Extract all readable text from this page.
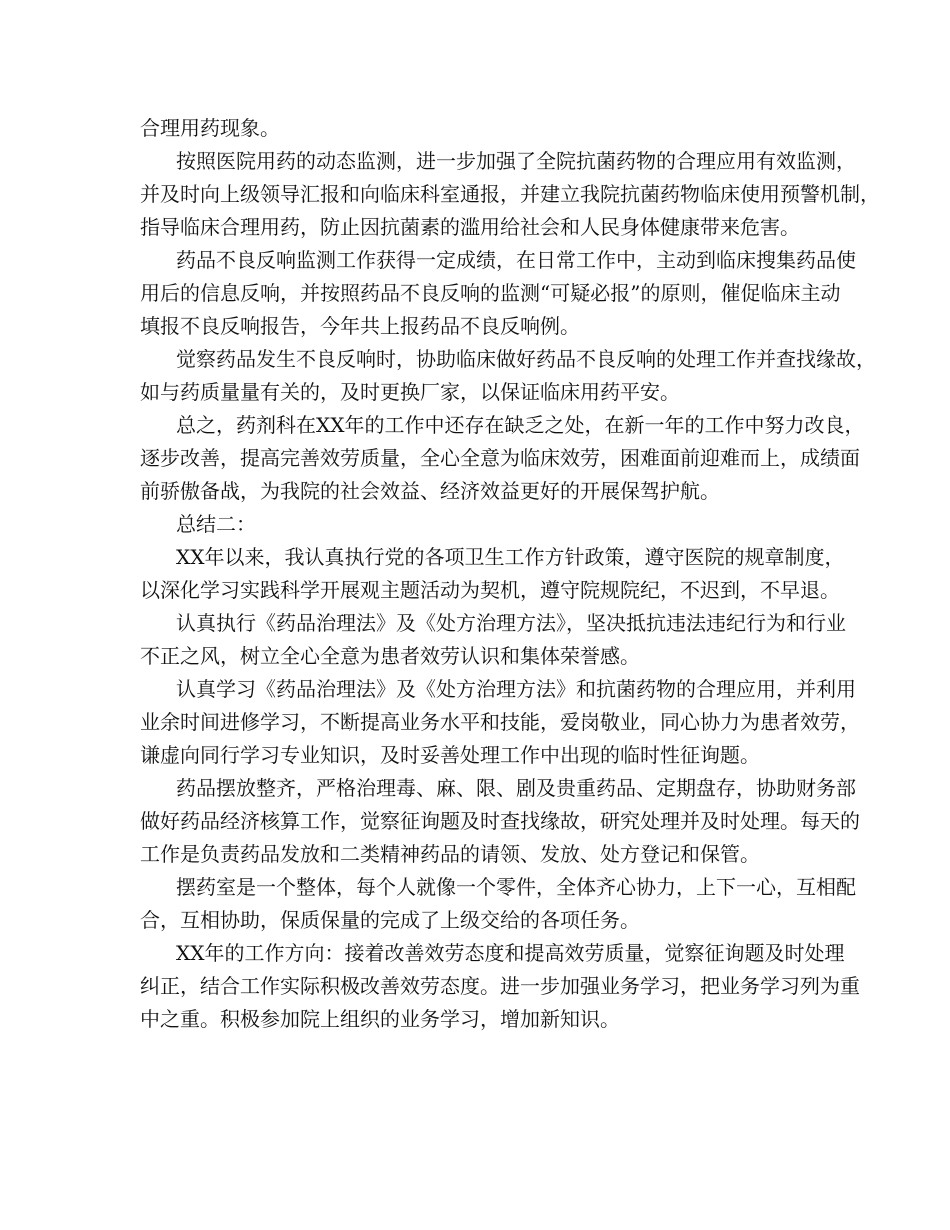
合理用药现象。
按照医院用药的动态监测，进一步加强了全院抗菌药物的合理应用有效监测，
并及时向上级领导汇报和向临床科室通报，并建立我院抗菌药物临床使用预警机制，
指导临床合理用药，防止因抗菌素的滥用给社会和人民身体健康带来危害。
药品不良反响监测工作获得一定成绩，在日常工作中，主动到临床搜集药品使
用后的信息反响，并按照药品不良反响的监测“可疑必报”的原则，催促临床主动
填报不良反响报告，今年共上报药品不良反响例。
觉察药品发生不良反响时，协助临床做好药品不良反响的处理工作并查找缘故，
如与药质量量有关的，及时更换厂家，以保证临床用药平安。
总之，药剂科在XX年的工作中还存在缺乏之处，在新一年的工作中努力改良，
逐步改善，提高完善效劳质量，全心全意为临床效劳，困难面前迎难而上，成绩面
前骄傲备战，为我院的社会效益、经济效益更好的开展保驾护航。
总结二：
XX年以来，我认真执行党的各项卫生工作方针政策，遵守医院的规章制度，
以深化学习实践科学开展观主题活动为契机，遵守院规院纪，不迟到，不早退。
认真执行《药品治理法》及《处方治理方法》，坚决抵抗违法违纪行为和行业
不正之风，树立全心全意为患者效劳认识和集体荣誉感。
认真学习《药品治理法》及《处方治理方法》和抗菌药物的合理应用，并利用
业余时间进修学习，不断提高业务水平和技能，爱岗敬业，同心协力为患者效劳，
谦虚向同行学习专业知识，及时妥善处理工作中出现的临时性征询题。
药品摆放整齐，严格治理毒、麻、限、剧及贵重药品、定期盘存，协助财务部
做好药品经济核算工作，觉察征询题及时查找缘故，研究处理并及时处理。每天的
工作是负责药品发放和二类精神药品的请领、发放、处方登记和保管。
摆药室是一个整体，每个人就像一个零件，全体齐心协力，上下一心，互相配
合，互相协助，保质保量的完成了上级交给的各项任务。
XX年的工作方向：接着改善效劳态度和提高效劳质量，觉察征询题及时处理
纠正，结合工作实际积极改善效劳态度。进一步加强业务学习，把业务学习列为重
中之重。积极参加院上组织的业务学习，增加新知识。
